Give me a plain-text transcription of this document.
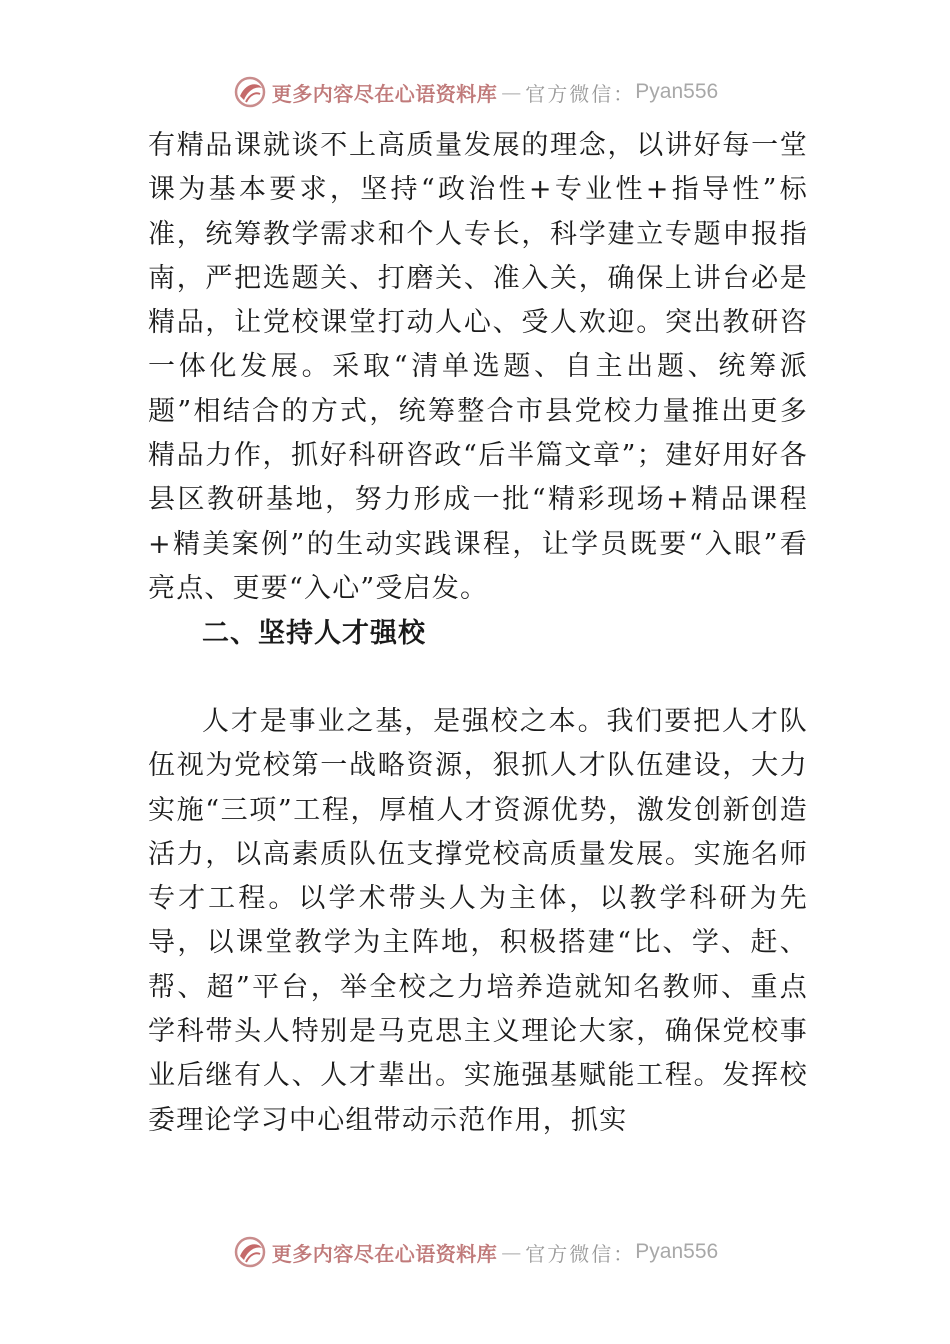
更多内容尽在心语资料库 — 官方微信： Pyan556

有精品课就谈不上高质量发展的理念，以讲好每一堂课为基本要求，坚持“政治性+专业性+指导性”标准，统筹教学需求和个人专长，科学建立专题申报指南，严把选题关、打磨关、准入关，确保上讲台必是精品，让党校课堂打动人心、受人欢迎。突出教研咨一体化发展。采取“清单选题、自主出题、统筹派题”相结合的方式，统筹整合市县党校力量推出更多精品力作，抓好科研咨政“后半篇文章”；建好用好各县区教研基地，努力形成一批“精彩现场+精品课程+精美案例”的生动实践课程，让学员既要“入眼”看亮点、更要“入心”受启发。

二、坚持人才强校

人才是事业之基，是强校之本。我们要把人才队伍视为党校第一战略资源，狠抓人才队伍建设，大力实施“三项”工程，厚植人才资源优势，激发创新创造活力，以高素质队伍支撑党校高质量发展。实施名师专才工程。以学术带头人为主体，以教学科研为先导，以课堂教学为主阵地，积极搭建“比、学、赶、帮、超”平台，举全校之力培养造就知名教师、重点学科带头人特别是马克思主义理论大家，确保党校事业后继有人、人才辈出。实施强基赋能工程。发挥校委理论学习中心组带动示范作用，抓实

更多内容尽在心语资料库 — 官方微信： Pyan556
